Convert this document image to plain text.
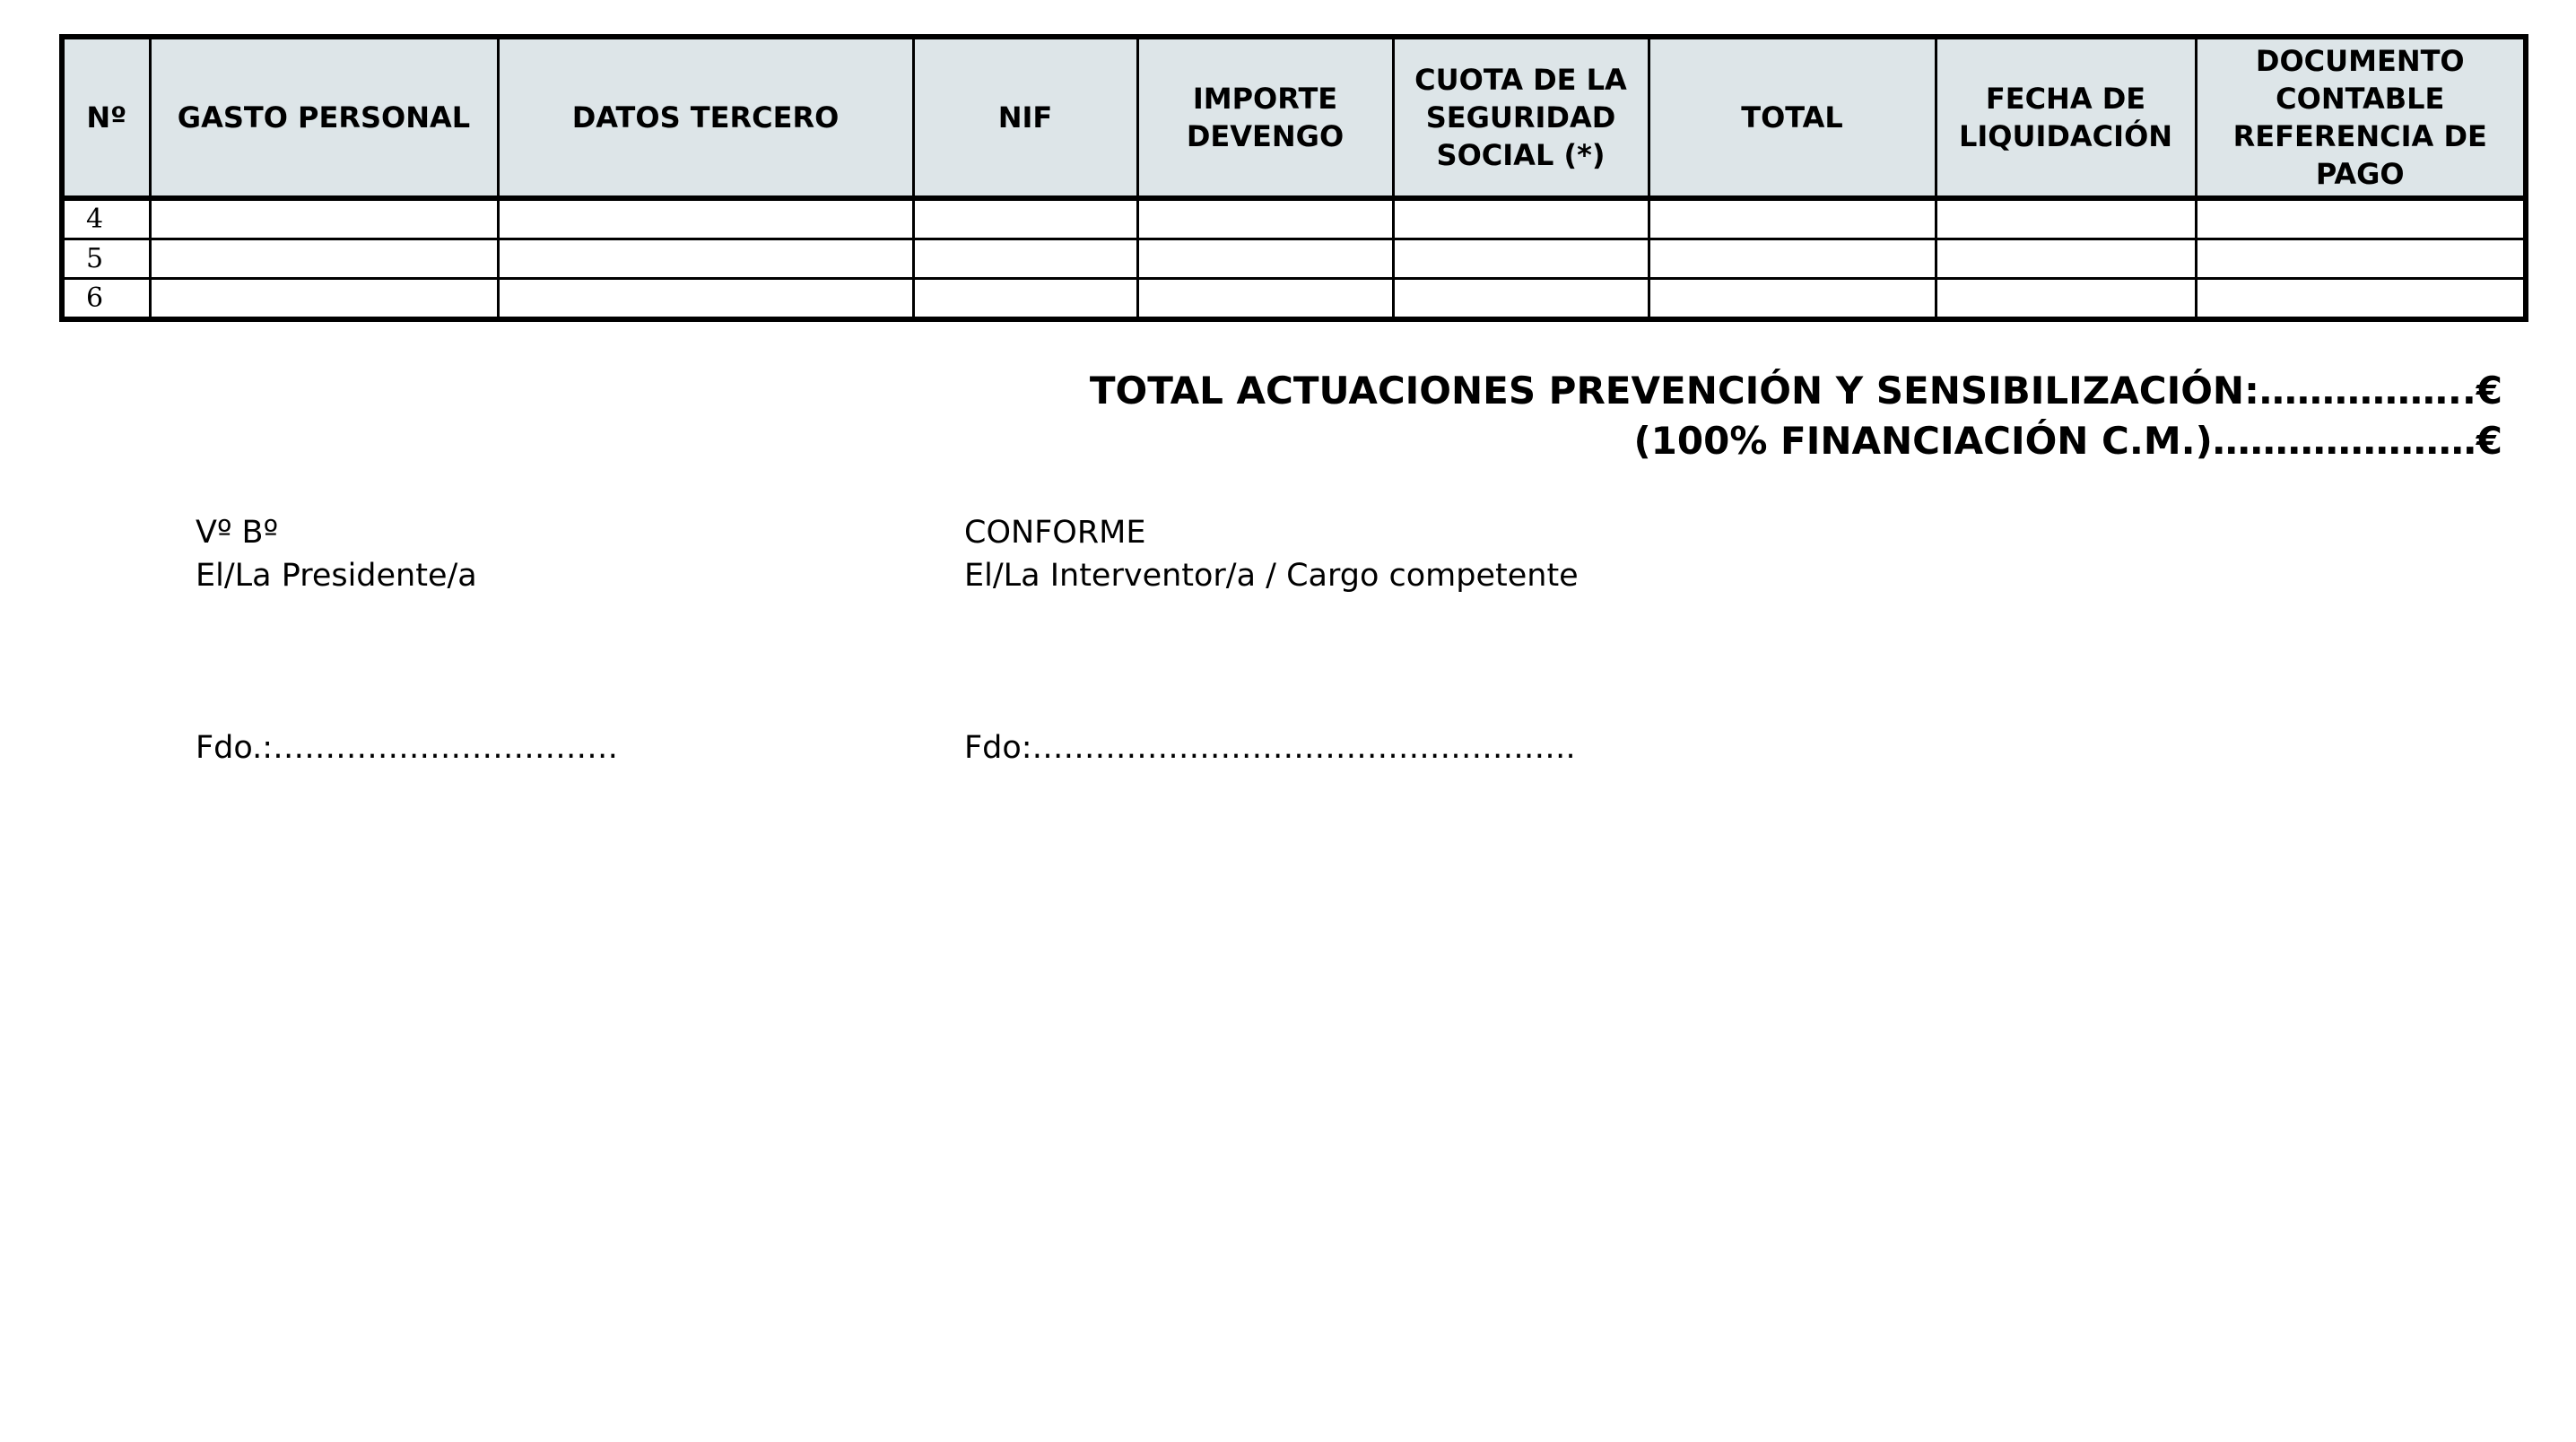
Nº	GASTO PERSONAL	DATOS TERCERO	NIF	IMPORTE DEVENGO	CUOTA DE LA SEGURIDAD SOCIAL (*)	TOTAL	FECHA DE LIQUIDACIÓN	DOCUMENTO CONTABLE REFERENCIA DE PAGO
4								
5								
6								
TOTAL ACTUACIONES PREVENCIÓN Y SENSIBILIZACIÓN:……………..€
(100% FINANCIACIÓN C.M.)…………………€
Vº Bº
El/La Presidente/a
CONFORME
El/La Interventor/a / Cargo competente
Fdo.:……………………………	Fdo:…………………………………………….
